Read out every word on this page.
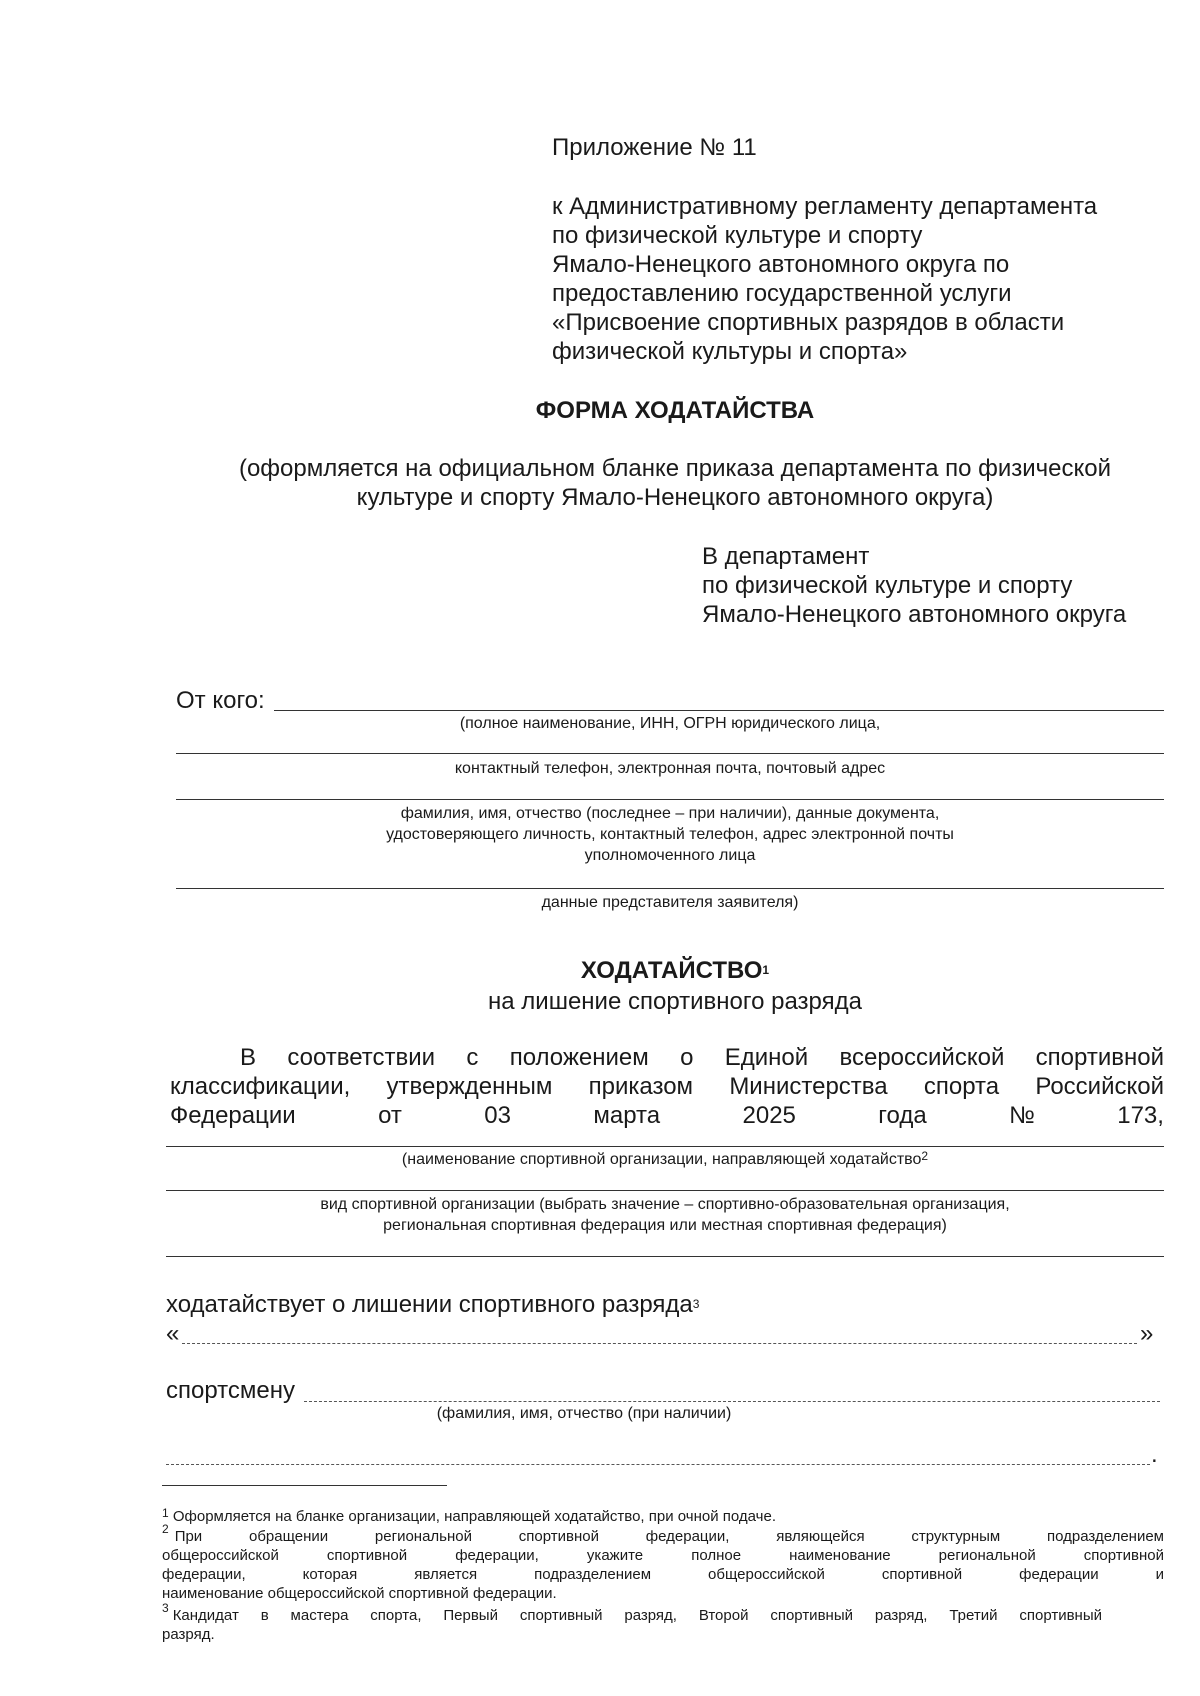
Приложение № 11
к Административному регламенту департамента
по физической культуре и спорту
Ямало-Ненецкого автономного округа по
предоставлению государственной услуги
«Присвоение спортивных разрядов в области
физической культуры и спорта»
ФОРМА ХОДАТАЙСТВА
(оформляется на официальном бланке приказа департамента по физической
культуре и спорту Ямало-Ненецкого автономного округа)
В департамент
по физической культуре и спорту
Ямало-Ненецкого автономного округа
От кого:
(полное наименование, ИНН, ОГРН юридического лица,
контактный телефон, электронная почта, почтовый адрес
фамилия, имя, отчество (последнее – при наличии), данные документа,
удостоверяющего личность, контактный телефон, адрес электронной почты
уполномоченного лица
данные представителя заявителя)
ХОДАТАЙСТВО$^1$
на лишение спортивного разряда
В соответствии с положением о Единой всероссийской спортивной
классификации, утвержденным приказом Министерства спорта Российской
Федерации	от	03	марта	2025	года	№	173,
(наименование спортивной организации, направляющей ходатайство$^2$
вид спортивной организации (выбрать значение – спортивно-образовательная организация,
региональная спортивная федерация или местная спортивная федерация)
ходатайствует о лишении спортивного разряда$^3$
«	»
спортсмену
(фамилия, имя, отчество (при наличии)
.
$^1$ Оформляется на бланке организации, направляющей ходатайство, при очной подаче.
$^2$ При обращении региональной спортивной федерации, являющейся структурным подразделением
общероссийской спортивной федерации, укажите полное наименование региональной спортивной
федерации, которая является подразделением общероссийской спортивной федерации и
наименование общероссийской спортивной федерации.
$^3$ Кандидат в мастера спорта, Первый спортивный разряд, Второй спортивный разряд, Третий спортивный
разряд.
